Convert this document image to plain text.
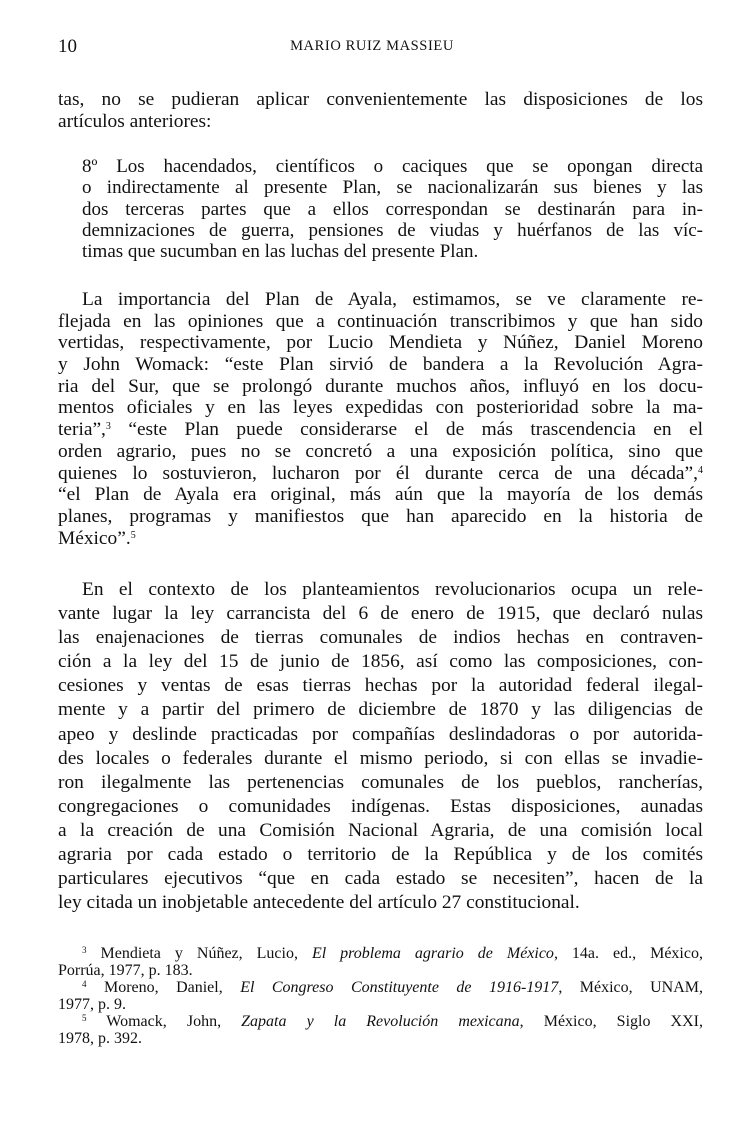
10	MARIO RUIZ MASSIEU
tas, no se pudieran aplicar convenientemente las disposiciones de los
artículos anteriores:
8º Los hacendados, científicos o caciques que se opongan directa
o indirectamente al presente Plan, se nacionalizarán sus bienes y las
dos terceras partes que a ellos correspondan se destinarán para in-
demnizaciones de guerra, pensiones de viudas y huérfanos de las víc-
timas que sucumban en las luchas del presente Plan.
La importancia del Plan de Ayala, estimamos, se ve claramente re-
flejada en las opiniones que a continuación transcribimos y que han sido
vertidas, respectivamente, por Lucio Mendieta y Núñez, Daniel Moreno
y John Womack: “este Plan sirvió de bandera a la Revolución Agra-
ria del Sur, que se prolongó durante muchos años, influyó en los docu-
mentos oficiales y en las leyes expedidas con posterioridad sobre la ma-
teria”,$^3$ “este Plan puede considerarse el de más trascendencia en el
orden agrario, pues no se concretó a una exposición política, sino que
quienes lo sostuvieron, lucharon por él durante cerca de una década”,$^4$
“el Plan de Ayala era original, más aún que la mayoría de los demás
planes, programas y manifiestos que han aparecido en la historia de
México”.$^5$
En el contexto de los planteamientos revolucionarios ocupa un rele-
vante lugar la ley carrancista del 6 de enero de 1915, que declaró nulas
las enajenaciones de tierras comunales de indios hechas en contraven-
ción a la ley del 15 de junio de 1856, así como las composiciones, con-
cesiones y ventas de esas tierras hechas por la autoridad federal ilegal-
mente y a partir del primero de diciembre de 1870 y las diligencias de
apeo y deslinde practicadas por compañías deslindadoras o por autorida-
des locales o federales durante el mismo periodo, si con ellas se invadie-
ron ilegalmente las pertenencias comunales de los pueblos, rancherías,
congregaciones o comunidades indígenas. Estas disposiciones, aunadas
a la creación de una Comisión Nacional Agraria, de una comisión local
agraria por cada estado o territorio de la República y de los comités
particulares ejecutivos “que en cada estado se necesiten”, hacen de la
ley citada un inobjetable antecedente del artículo 27 constitucional.
$^3$ Mendieta y Núñez, Lucio, El problema agrario de México, 14a. ed., México,
Porrúa, 1977, p. 183.
$^4$ Moreno, Daniel, El Congreso Constituyente de 1916-1917, México, UNAM,
1977, p. 9.
$^5$ Womack, John, Zapata y la Revolución mexicana, México, Siglo XXI,
1978, p. 392.
